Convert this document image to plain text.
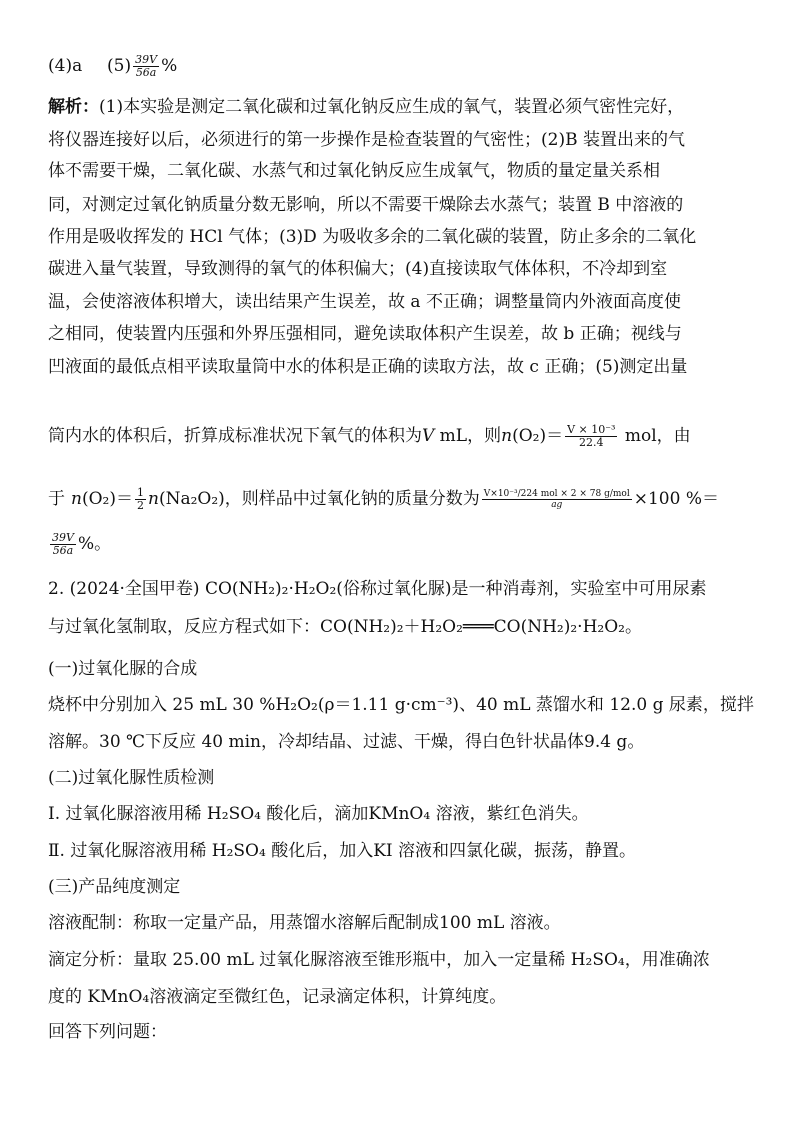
(4)a $(5) \frac{39V}{56a}$ %
解析：(1)本实验是测定二氧化碳和过氧化钠反应生成的氧气，装置必须气密性完好，
将仪器连接好以后，必须进行的第一步操作是检查装置的气密性；(2)B 装置出来的气
体不需要干燥，二氧化碳、水蒸气和过氧化钠反应生成氧气，物质的量定量关系相
同，对测定过氧化钠质量分数无影响，所以不需要干燥除去水蒸气；装置 B 中溶液的
作用是吸收挥发的 HCl 气体；(3)D 为吸收多余的二氧化碳的装置，防止多余的二氧化
碳进入量气装置，导致测得的氧气的体积偏大；(4)直接读取气体体积，不冷却到室
温，会使溶液体积增大，读出结果产生误差，故 a 不正确；调整量筒内外液面高度使
之相同，使装置内压强和外界压强相同，避免读取体积产生误差，故 b 正确；视线与
凹液面的最低点相平读取量筒中水的体积是正确的读取方法，故 c 正确；(5)测定出量
筒内水的体积后，折算成标准状况下氧气的体积为V mL，则$n(O_2)= \frac{\text{V × 10⁻³}}{22.4}$ mol，由
于 $n(O_2)= \frac{1}{2} n(Na_2O_2)$，则样品中过氧化钠的质量分数为 $\frac{\text{V×10⁻³/224 mol × 2 × 78 g/mol}}{ag} \times 100$ %＝
$\frac{39V}{56a}$ %。
2. (2024·全国甲卷) CO(NH₂)₂·H₂O₂(俗称过氧化脲)是一种消毒剂，实验室中可用尿素
与过氧化氢制取，反应方程式如下：CO(NH₂)₂＋H₂O₂═══CO(NH₂)₂·H₂O₂。
(一)过氧化脲的合成
烧杯中分别加入 25 mL 30 %H₂O₂(ρ＝1.11 g·cm⁻³)、40 mL 蒸馏水和 12.0 g 尿素，搅拌
溶解。30 ℃下反应 40 min，冷却结晶、过滤、干燥，得白色针状晶体9.4 g。
(二)过氧化脲性质检测
Ⅰ. 过氧化脲溶液用稀 H₂SO₄ 酸化后，滴加KMnO₄ 溶液，紫红色消失。
Ⅱ. 过氧化脲溶液用稀 H₂SO₄ 酸化后，加入KI 溶液和四氯化碳，振荡，静置。
(三)产品纯度测定
溶液配制：称取一定量产品，用蒸馏水溶解后配制成100 mL 溶液。
滴定分析：量取 25.00 mL 过氧化脲溶液至锥形瓶中，加入一定量稀 H₂SO₄，用准确浓
度的 KMnO₄溶液滴定至微红色，记录滴定体积，计算纯度。
回答下列问题：
